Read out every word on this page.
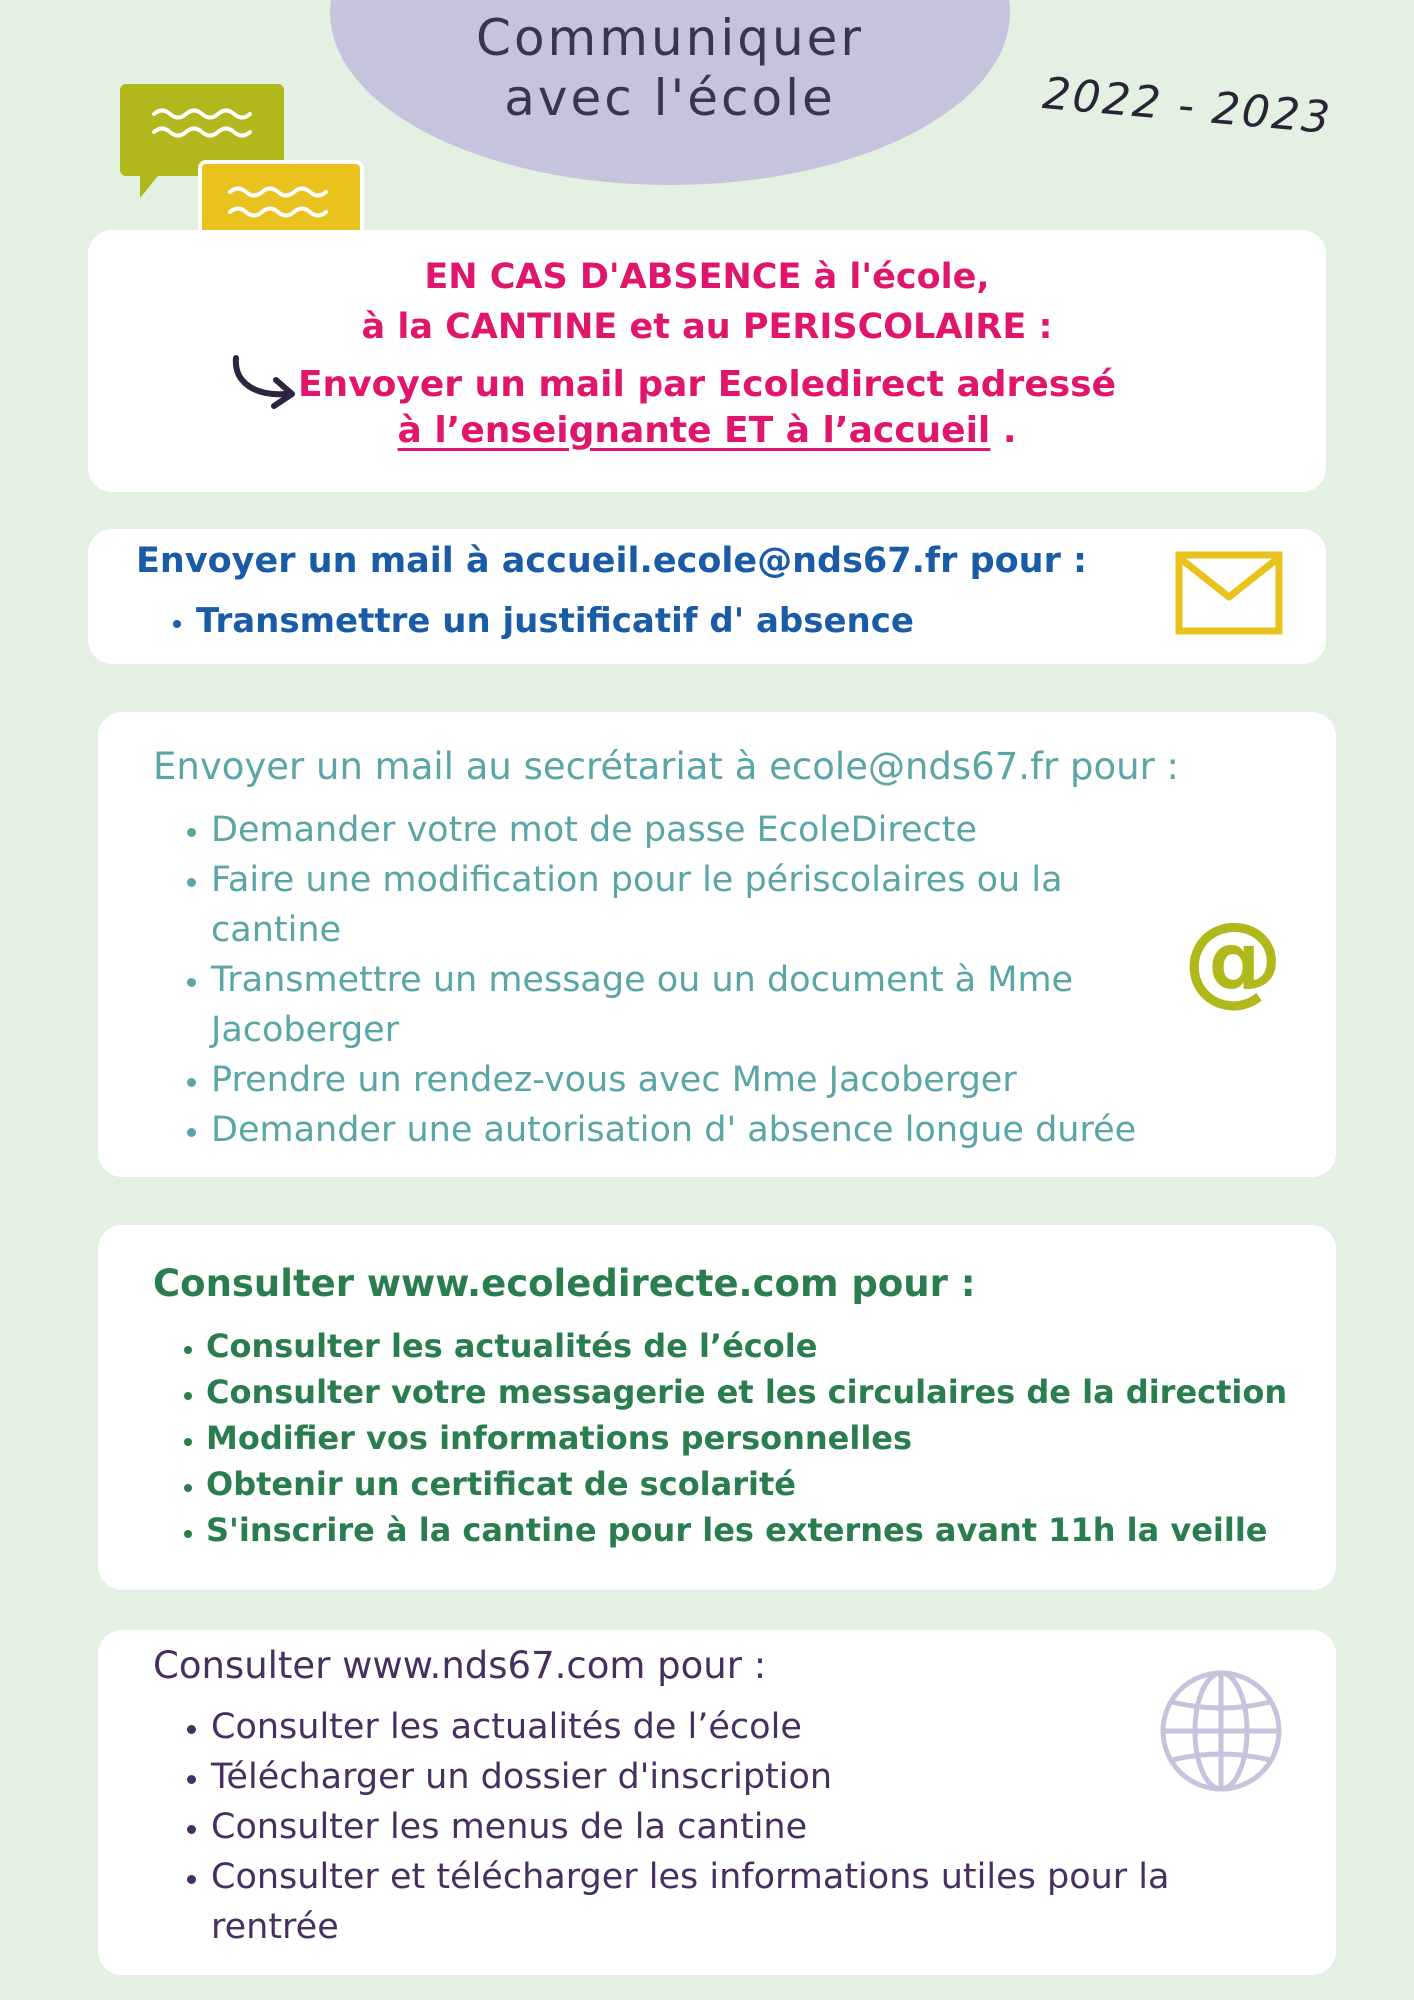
Communiquer
avec l'école	2022 - 2023
EN CAS D'ABSENCE à l'école,
à la CANTINE et au PERISCOLAIRE :
Envoyer un mail par Ecoledirect adressé
à l’enseignante ET à l’accueil .
Envoyer un mail à accueil.ecole@nds67.fr pour :
• Transmettre un justificatif d' absence
Envoyer un mail au secrétariat à ecole@nds67.fr pour :
• Demander votre mot de passe EcoleDirecte
• Faire une modification pour le périscolaires ou la cantine
• Transmettre un message ou un document à Mme Jacoberger
• Prendre un rendez-vous avec Mme Jacoberger
• Demander une autorisation d' absence longue durée
@
Consulter www.ecoledirecte.com pour :
• Consulter les actualités de l’école
• Consulter votre messagerie et les circulaires de la direction
• Modifier vos informations personnelles
• Obtenir un certificat de scolarité
• S'inscrire à la cantine pour les externes avant 11h la veille
Consulter www.nds67.com pour :
• Consulter les actualités de l’école
• Télécharger un dossier d'inscription
• Consulter les menus de la cantine
• Consulter et télécharger les informations utiles pour la rentrée
